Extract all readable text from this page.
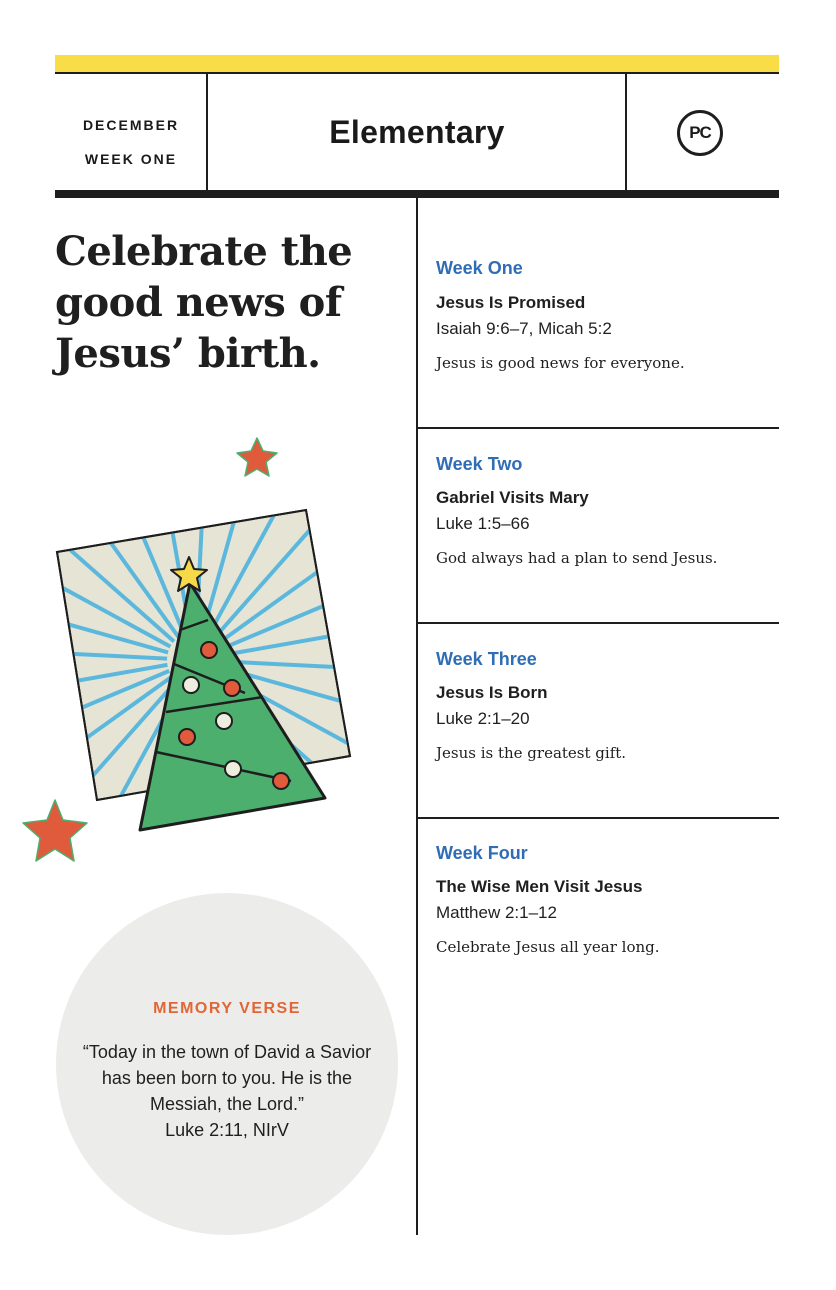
DECEMBER
WEEK ONE
Elementary	PC
Celebrate the good news of Jesus’ birth.
MEMORY VERSE
“Today in the town of David a Savior has been born to you. He is the Messiah, the Lord.”
Luke 2:11, NIrV
Week One
Jesus Is Promised
Isaiah 9:6–7, Micah 5:2
Jesus is good news for everyone.
Week Two
Gabriel Visits Mary
Luke 1:5–66
God always had a plan to send Jesus.
Week Three
Jesus Is Born
Luke 2:1–20
Jesus is the greatest gift.
Week Four
The Wise Men Visit Jesus
Matthew 2:1–12
Celebrate Jesus all year long.
